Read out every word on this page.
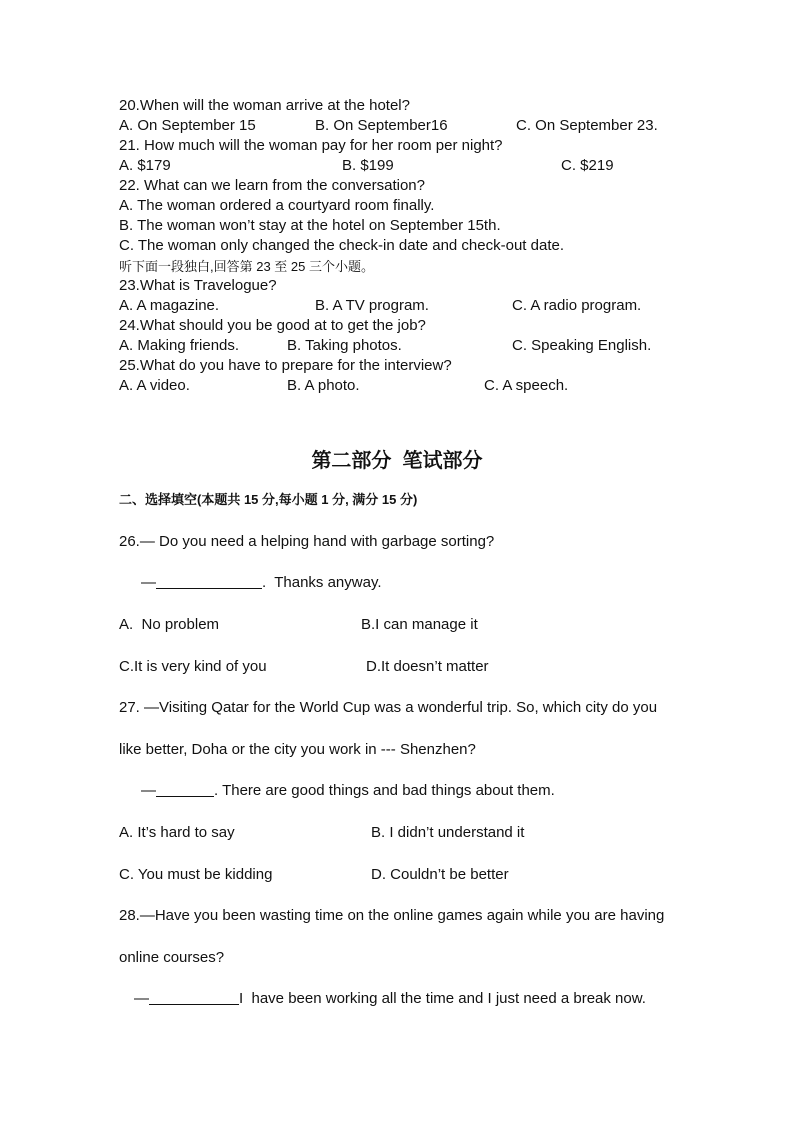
20.When will the woman arrive at the hotel?
A. On September 15	B. On September16	C. On September 23.
21. How much will the woman pay for her room per night?
A. $179	B. $199	C. $219
22. What can we learn from the conversation?
A. The woman ordered a courtyard room finally.
B. The woman won’t stay at the hotel on September 15th.
C. The woman only changed the check-in date and check-out date.
听下面一段独白,回答第 23 至 25 三个小题。
23.What is Travelogue?
A. A magazine.	B. A TV program.	C. A radio program.
24.What should you be good at to get the job?
A. Making friends.	B. Taking photos.	C. Speaking English.
25.What do you have to prepare for the interview?
A. A video.	B. A photo.	C. A speech.
第二部分  笔试部分
二、选择填空(本题共 15 分,每小题 1 分, 满分 15 分)
26.— Do you need a helping hand with garbage sorting?
—	.  Thanks anyway.
A.  No problem	B.I can manage it
C.It is very kind of you	D.It doesn’t matter
27. —Visiting Qatar for the World Cup was a wonderful trip. So, which city do you
like better, Doha or the city you work in --- Shenzhen?
—	. There are good things and bad things about them.
A. It’s hard to say	B. I didn’t understand it
C. You must be kidding	D. Couldn’t be better
28.—Have you been wasting time on the online games again while you are having
online courses?
—	I  have been working all the time and I just need a break now.
